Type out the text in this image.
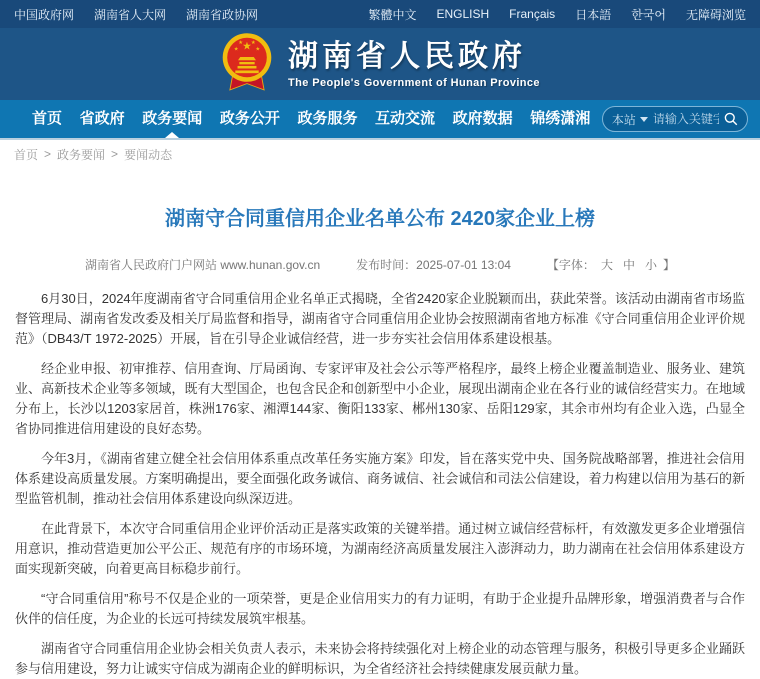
中国政府网 湖南省人大网 湖南省政协网	繁體中文 ENGLISH Français 日本語 한국어 无障碍浏览
★
★
★ ★
★ 湖南省人民政府
The People's Government of Hunan Province
首页	省政府	政务要闻	政务公开	政务服务	互动交流	政府数据	锦绣潇湘	本站
请输入关键字
首页 > 政务要闻 > 要闻动态
湖南守合同重信用企业名单公布 2420家企业上榜
湖南省人民政府门户网站 www.hunan.gov.cn	发布时间：2025-07-01 13:04	【字体： 大 中 小 】

6月30日，2024年度湖南省守合同重信用企业名单正式揭晓，全省2420家企业脱颖而出，获此荣誉。该活动由湖南省市场监督管理局、湖南省发改委及相关厅局监督和指导，湖南省守合同重信用企业协会按照湖南省地方标准《守合同重信用企业评价规范》（DB43/T 1972-2025）开展，旨在引导企业诚信经营，进一步夯实社会信用体系建设根基。

经企业申报、初审推荐、信用查询、厅局函询、专家评审及社会公示等严格程序，最终上榜企业覆盖制造业、服务业、建筑业、高新技术企业等多领域，既有大型国企，也包含民企和创新型中小企业，展现出湖南企业在各行业的诚信经营实力。在地域分布上，长沙以1203家居首，株洲176家、湘潭144家、衡阳133家、郴州130家、岳阳129家，其余市州均有企业入选，凸显全省协同推进信用建设的良好态势。

今年3月，《湖南省建立健全社会信用体系重点改革任务实施方案》印发，旨在落实党中央、国务院战略部署，推进社会信用体系建设高质量发展。方案明确提出，要全面强化政务诚信、商务诚信、社会诚信和司法公信建设，着力构建以信用为基石的新型监管机制，推动社会信用体系建设向纵深迈进。

在此背景下，本次守合同重信用企业评价活动正是落实政策的关键举措。通过树立诚信经营标杆，有效激发更多企业增强信用意识，推动营造更加公平公正、规范有序的市场环境，为湖南经济高质量发展注入澎湃动力，助力湖南在社会信用体系建设方面实现新突破，向着更高目标稳步前行。

“守合同重信用”称号不仅是企业的一项荣誉，更是企业信用实力的有力证明，有助于企业提升品牌形象，增强消费者与合作伙伴的信任度，为企业的长远可持续发展筑牢根基。

湖南省守合同重信用企业协会相关负责人表示，未来协会将持续强化对上榜企业的动态管理与服务，积极引导更多企业踊跃参与信用建设，努力让诚实守信成为湖南企业的鲜明标识，为全省经济社会持续健康发展贡献力量。
